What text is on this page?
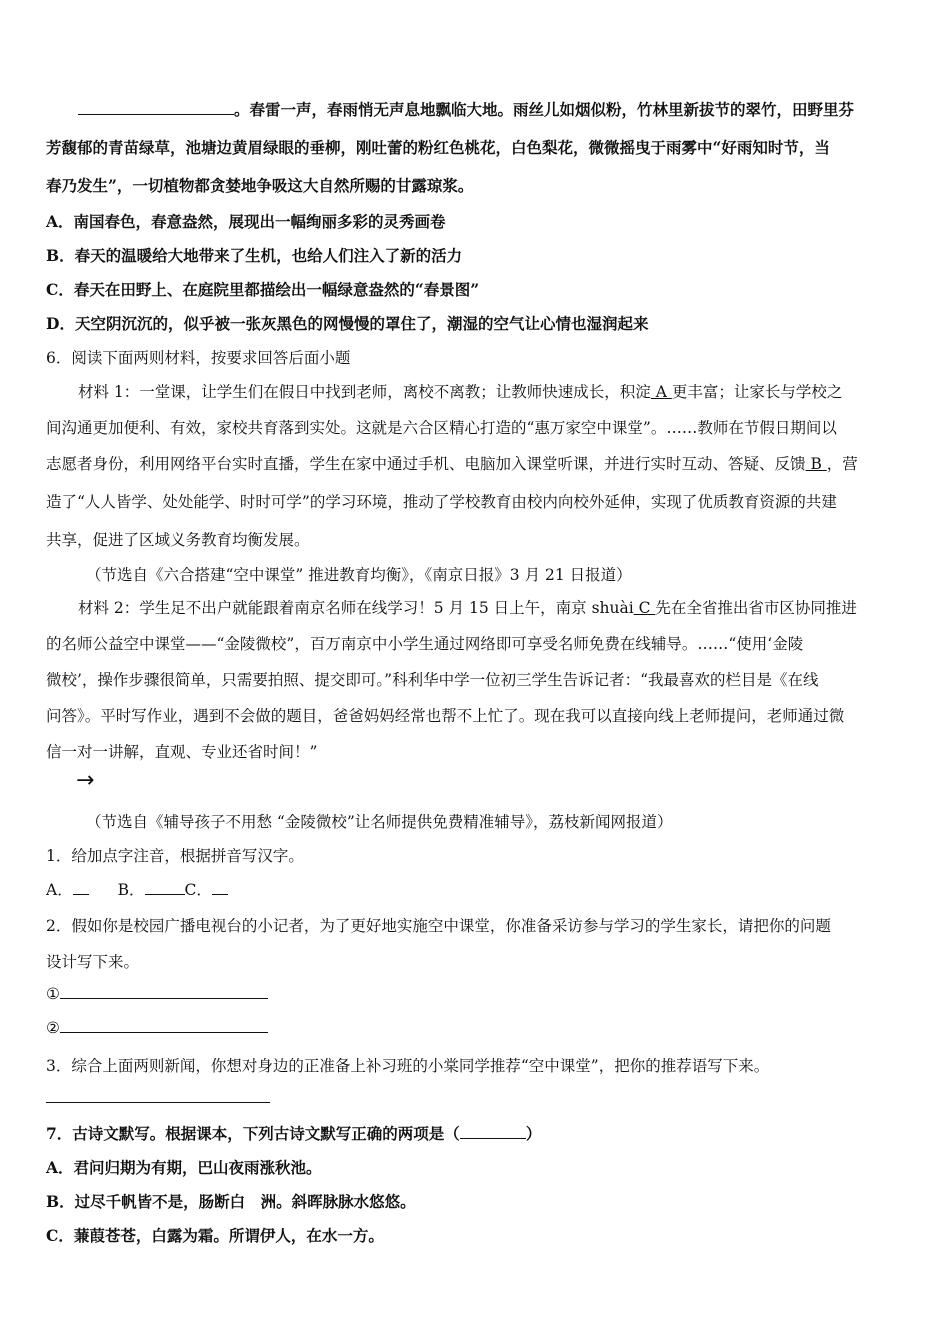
。春雷一声，春雨悄无声息地飘临大地。雨丝儿如烟似粉，竹林里新拔节的翠竹，田野里芬
芳馥郁的青苗绿草，池塘边黄眉绿眼的垂柳，刚吐蕾的粉红色桃花，白色梨花，微微摇曳于雨雾中“好雨知时节，当
春乃发生”，一切植物都贪婪地争吸这大自然所赐的甘露琼浆。
A．南国春色，春意盎然，展现出一幅绚丽多彩的灵秀画卷
B．春天的温暖给大地带来了生机，也给人们注入了新的活力
C．春天在田野上、在庭院里都描绘出一幅绿意盎然的“春景图”
D．天空阴沉沉的，似乎被一张灰黑色的网慢慢的罩住了，潮湿的空气让心情也湿润起来
6．阅读下面两则材料，按要求回答后面小题
材料 1：一堂课，让学生们在假日中找到老师，离校不离教；让教师快速成长，积淀 A 更丰富；让家长与学校之
间沟通更加便利、有效，家校共育落到实处。这就是六合区精心打造的“惠万家空中课堂”。……教师在节假日期间以
志愿者身份，利用网络平台实时直播，学生在家中通过手机、电脑加入课堂听课，并进行实时互动、答疑、反馈 B ，营
造了“人人皆学、处处能学、时时可学”的学习环境，推动了学校教育由校内向校外延伸，实现了优质教育资源的共建
共享，促进了区域义务教育均衡发展。
（节选自《六合搭建“空中课堂” 推进教育均衡》，《南京日报》3 月 21 日报道）
材料 2：学生足不出户就能跟着南京名师在线学习！5 月 15 日上午，南京 shuài C 先在全省推出省市区协同推进
的名师公益空中课堂——“金陵微校”，百万南京中小学生通过网络即可享受名师免费在线辅导。……“使用‘金陵
微校’，操作步骤很简单，只需要拍照、提交即可。”科利华中学一位初三学生告诉记者：“我最喜欢的栏目是《在线
问答》。平时写作业，遇到不会做的题目，爸爸妈妈经常也帮不上忙了。现在我可以直接向线上老师提问，老师通过微
信一对一讲解，直观、专业还省时间！”
→
（节选自《辅导孩子不用愁 “金陵微校”让名师提供免费精准辅导》，荔枝新闻网报道）
1．给加点字注音，根据拼音写汉字。
A．	B．	C．
2．假如你是校园广播电视台的小记者，为了更好地实施空中课堂，你准备采访参与学习的学生家长，请把你的问题
设计写下来。
①
②
3．综合上面两则新闻，你想对身边的正准备上补习班的小棠同学推荐“空中课堂”，把你的推荐语写下来。
7．古诗文默写。根据课本，下列古诗文默写正确的两项是（	）
A．君问归期为有期，巴山夜雨涨秋池。
B．过尽千帆皆不是，肠断白　洲。斜晖脉脉水悠悠。
C．蒹葭苍苍，白露为霜。所谓伊人，在水一方。
